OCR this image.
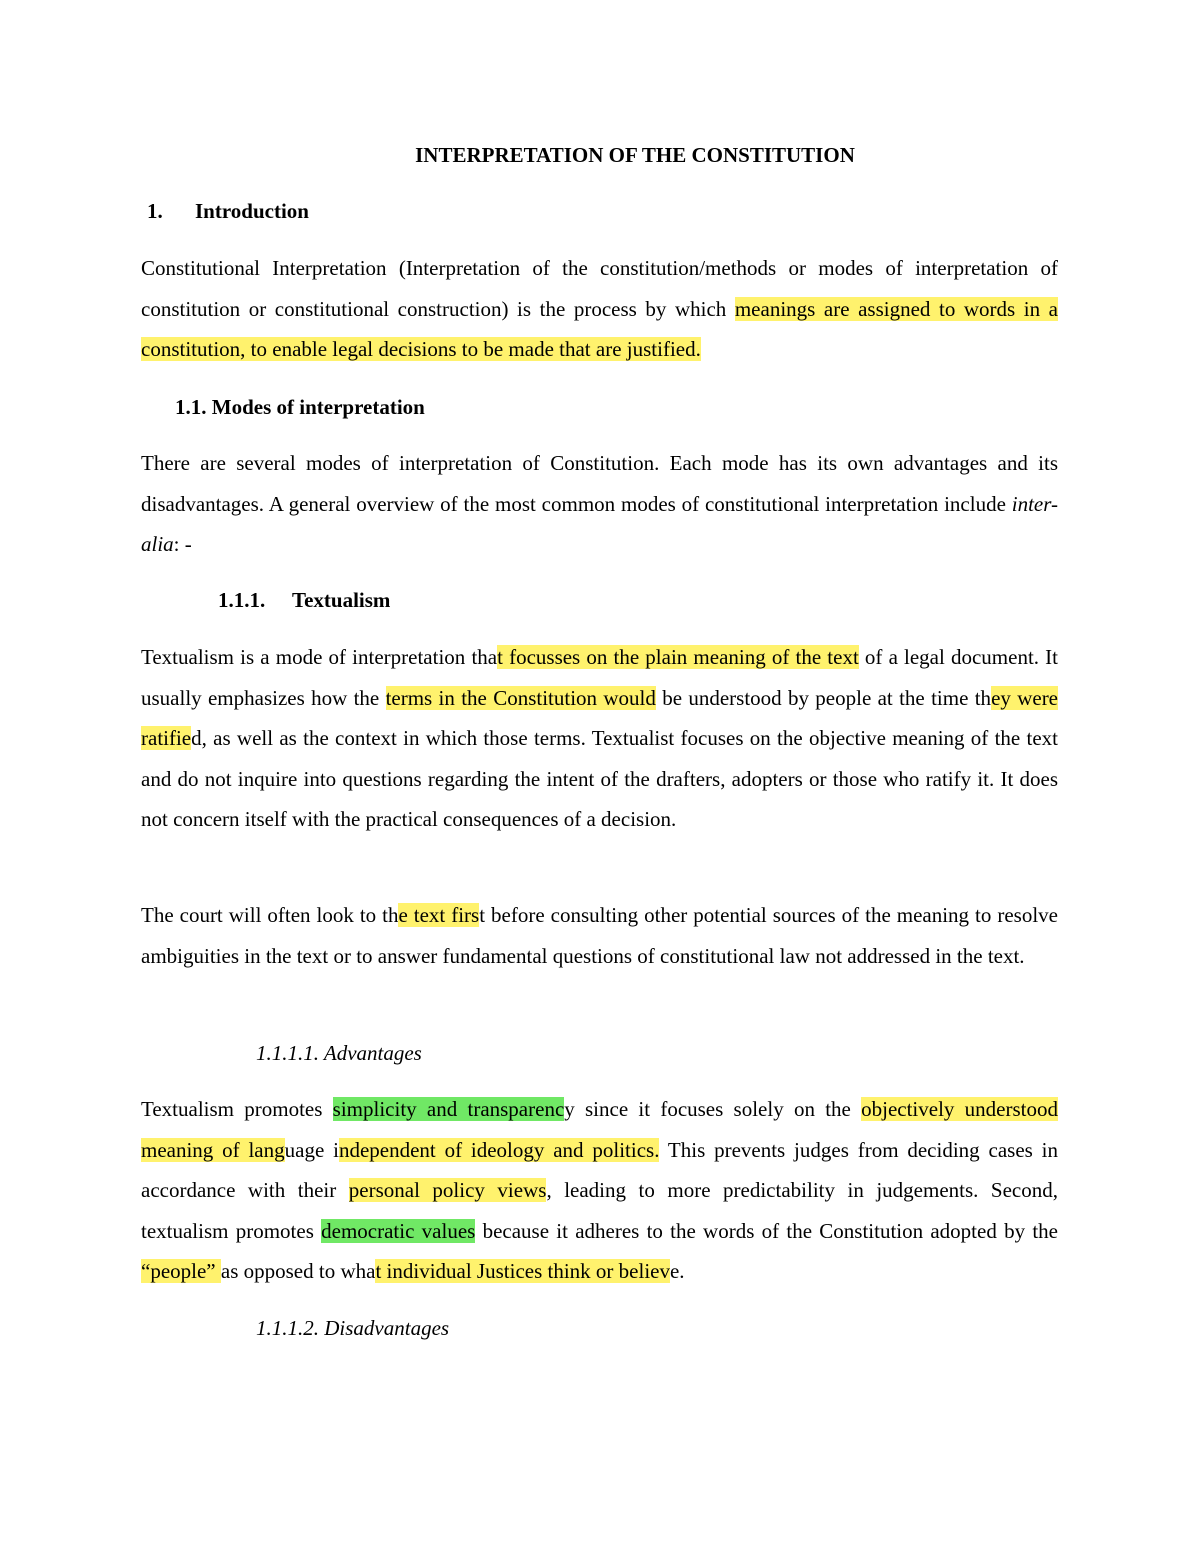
INTERPRETATION OF THE CONSTITUTION
1. Introduction
Constitutional Interpretation (Interpretation of the constitution/methods or modes of interpretation of constitution or constitutional construction) is the process by which meanings are assigned to words in a constitution, to enable legal decisions to be made that are justified.
1.1. Modes of interpretation
There are several modes of interpretation of Constitution. Each mode has its own advantages and its disadvantages. A general overview of the most common modes of constitutional interpretation include inter- alia: -
1.1.1. Textualism
Textualism is a mode of interpretation that focusses on the plain meaning of the text of a legal document. It usually emphasizes how the terms in the Constitution would be understood by people at the time they were ratified, as well as the context in which those terms. Textualist focuses on the objective meaning of the text and do not inquire into questions regarding the intent of the drafters, adopters or those who ratify it. It does not concern itself with the practical consequences of a decision.
The court will often look to the text first before consulting other potential sources of the meaning to resolve ambiguities in the text or to answer fundamental questions of constitutional law not addressed in the text.
1.1.1.1. Advantages
Textualism promotes simplicity and transparency since it focuses solely on the objectively understood meaning of language independent of ideology and politics. This prevents judges from deciding cases in accordance with their personal policy views, leading to more predictability in judgements. Second, textualism promotes democratic values because it adheres to the words of the Constitution adopted by the “people” as opposed to what individual Justices think or believe.
1.1.1.2. Disadvantages
